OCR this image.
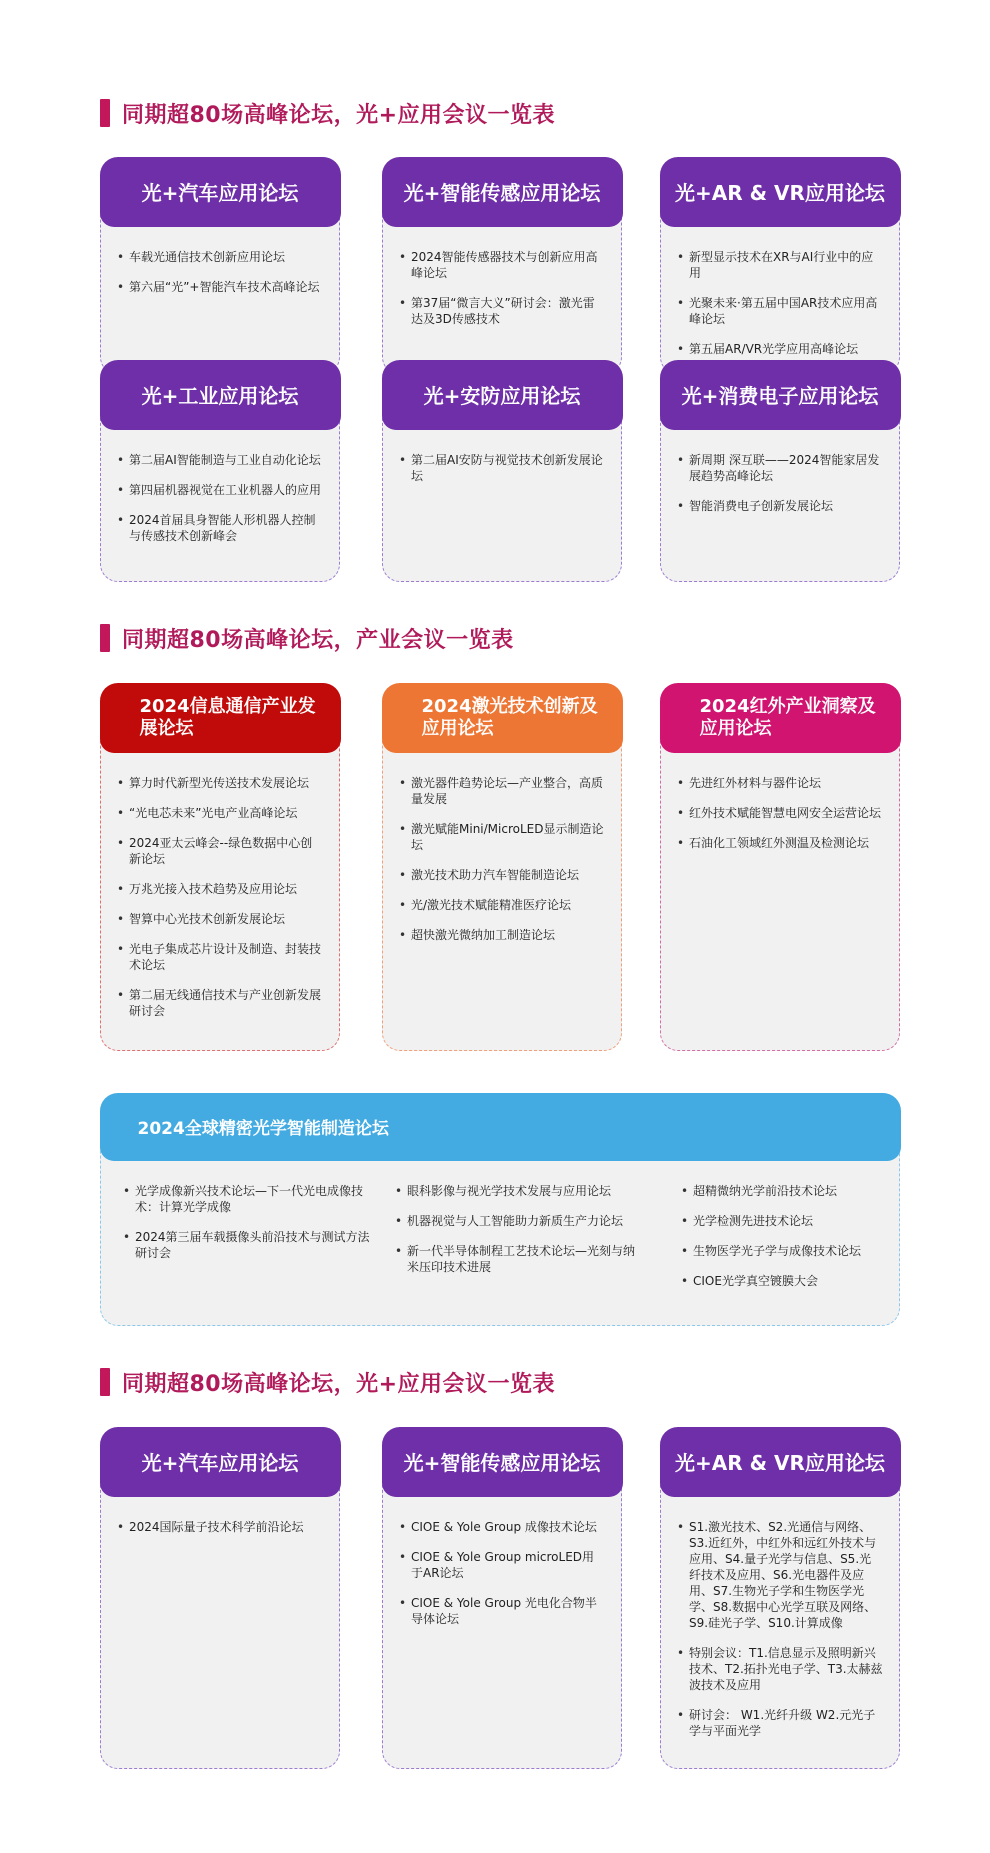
同期超80场高峰论坛，光+应用会议一览表
光+汽车应用论坛
• 车载光通信技术创新应用论坛
• 第六届“光”+智能汽车技术高峰论坛
光+智能传感应用论坛
• 2024智能传感器技术与创新应用高峰论坛
• 第37届“微言大义”研讨会：激光雷达及3D传感技术
光+AR & VR应用论坛
• 新型显示技术在XR与AI行业中的应用
• 光聚未来·第五届中国AR技术应用高峰论坛
• 第五届AR/VR光学应用高峰论坛
光+工业应用论坛
• 第二届AI智能制造与工业自动化论坛
• 第四届机器视觉在工业机器人的应用
• 2024首届具身智能人形机器人控制与传感技术创新峰会
光+安防应用论坛
• 第二届AI安防与视觉技术创新发展论坛
光+消费电子应用论坛
• 新周期 深互联——2024智能家居发展趋势高峰论坛
• 智能消费电子创新发展论坛
同期超80场高峰论坛，产业会议一览表
2024信息通信产业发展论坛
• 算力时代新型光传送技术发展论坛
• “光电芯未来”光电产业高峰论坛
• 2024亚太云峰会--绿色数据中心创新论坛
• 万兆光接入技术趋势及应用论坛
• 智算中心光技术创新发展论坛
• 光电子集成芯片设计及制造、封装技术论坛
• 第二届无线通信技术与产业创新发展研讨会
2024激光技术创新及应用论坛
• 激光器件趋势论坛—产业整合，高质量发展
• 激光赋能Mini/MicroLED显示制造论坛
• 激光技术助力汽车智能制造论坛
• 光/激光技术赋能精准医疗论坛
• 超快激光微纳加工制造论坛
2024红外产业洞察及应用论坛
• 先进红外材料与器件论坛
• 红外技术赋能智慧电网安全运营论坛
• 石油化工领域红外测温及检测论坛
2024全球精密光学智能制造论坛
• 光学成像新兴技术论坛—下一代光电成像技术：计算光学成像
• 2024第三届车载摄像头前沿技术与测试方法研讨会
• 眼科影像与视光学技术发展与应用论坛
• 机器视觉与人工智能助力新质生产力论坛
• 新一代半导体制程工艺技术论坛—光刻与纳米压印技术进展
• 超精微纳光学前沿技术论坛
• 光学检测先进技术论坛
• 生物医学光子学与成像技术论坛
• CIOE光学真空镀膜大会
同期超80场高峰论坛，光+应用会议一览表
光+汽车应用论坛
• 2024国际量子技术科学前沿论坛
光+智能传感应用论坛
• CIOE & Yole Group 成像技术论坛
• CIOE & Yole Group microLED用于AR论坛
• CIOE & Yole Group 光电化合物半导体论坛
光+AR & VR应用论坛
• S1.激光技术、S2.光通信与网络、S3.近红外，中红外和远红外技术与应用、S4.量子光学与信息、S5.光纤技术及应用、S6.光电器件及应用、S7.生物光子学和生物医学光学、S8.数据中心光学互联及网络、S9.硅光子学、S10.计算成像
• 特别会议：T1.信息显示及照明新兴技术、T2.拓扑光电子学、T3.太赫兹波技术及应用
• 研讨会： W1.光纤升级 W2.元光子学与平面光学
